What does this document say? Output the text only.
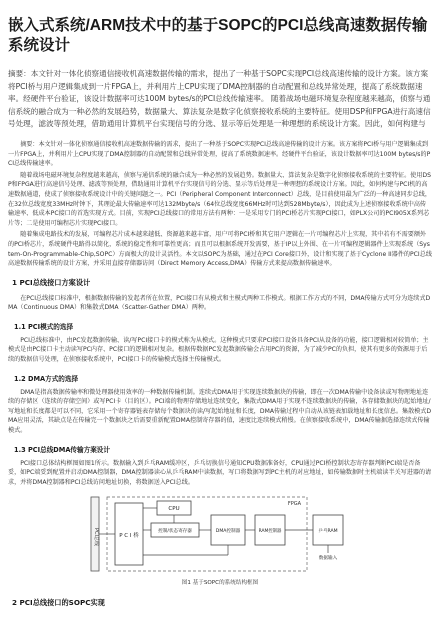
嵌入式系统/ARM技术中的基于SOPC的PCI总线高速数据传输系统设计
摘要：本文针对一体化侦察通信接收机高速数据传输的需求，提出了一种基于SOPC实现PCI总线高速传输的设计方案。该方案将PCI桥与用户逻辑集成到一片FPGA上，并利用片上CPU实现了DMA控制器的自动配置和总线异常处理，提高了系统数据速率。经硬件平台验证，该设计数据率可达100M bytes/s的PCI总线传输速率。 随着战场电磁环境复杂程度越来越高，侦察与通信系统的融合成为一种必然的发展趋势，数据量大、算法复杂是数字化侦察接收系统的主要特征。使用DSP和FPGA进行高速信号处理，滤波等预处理，借助通用计算机平台实现信号的分选、显示等后处理是一种理想的系统设计方案。因此，如何构建与

摘要：本文针对一体化侦察通信接收机高速数据传输的需求，提出了一种基于SOPC实现PCI总线高速传输的设计方案。该方案将PCI桥与用户逻辑集成到一片FPGA上，并利用片上CPU实现了DMA控制器的自动配置和总线异常处理，提高了系统数据速率。经硬件平台验证，该设计数据率可达100M bytes/s的PCI总线传输速率。

随着战场电磁环境复杂程度越来越高，侦察与通信系统的融合成为一种必然的发展趋势。数据量大、算法复杂是数字化侦察接收系统的主要特征。使用DSP和FPGA进行高速信号处理、滤波等预处理，借助通用计算机平台实现信号的分选、显示等后处理是一种理想的系统设计方案。因此，如何构建与PCI机的高速数据通道，使成了侦察接收系统设计中的关键问题之一。PCI（Peripheral Component Interconnect）总线，是目前使用最为广泛的一种高速同步总线，在32位总线宽度33MHz时钟下，其理论最大传输速率可达132Mbyte/s（64位总线宽度66MHz时可达到528Mbyte/s），因此成为上述侦察接收系统中高传输速率、低成本PC接口的首选实现方式。目前，实现PCI总线接口的常用方法有两种：一是采用专门的PCI桥芯片实现PCI接口，如PLX公司的PCI905X系列芯片等；二是使用可编程芯片实现PCI接口。

随着集成电路技术的发展，可编程芯片成本越来越低、资源越来越丰富，用户可将PCI桥和其它用户逻辑在一片可编程芯片上实现，其中若有不需要额外的PCI桥芯片，系统硬件电路得以简化，系统的稳定性和可靠性更高；而且可以根据系统开发需要，基于IP以上外围、在一片可编程逻辑器件上实现系统（System-On-Programmable-Chip,SOPC）方面极大的设计灵活性。本文以SOPC为基础，通过在PCI Core接口外，设计和实现了基于Cyclone II器件的PCI总线高速数据传输系统的设计方案，并采用直接存储器访问（Direct Memory Access,DMA）传输方式来提高数据传输速率。

1 PCI总线接口方案设计

在PCI总线接口标准中，根据数据传输的发起者所在位置，PCI接口有从模式和主模式两种工作模式。根据工作方式的不同，DMA传输方式可分为连续式DMA（Continuous DMA）和集散式DMA（Scatter-Gather DMA）两种。

1.1 PCI模式的选择

PCI总线标准中，由PC发起数据传输、读/写PCI接口卡的模式称为从模式。这种模式只要求PCI接口设备具备PCI从设备的功能，接口逻辑相对较简单；主模式是由PC接口卡主动读写PC内存、PC接口的逻辑相对复杂。根据传数据PC发起数据传输会占用PC的资源，为了减少PC的负担，使其有更多的资源用于后续的数据信号处理，在侦察接收系统中，PCI接口卡的传输模式选择主传输模式。

1.2 DMA方式的选择

DMA是指高数据传输率和微处理器使用效率的一种数据传输机制。连续式DMA用于实现连续数据块的传输，即在一次DMA传输中设备读或写物理地址连续的存储区（连续的存储空间）或写PCI卡（目的区）。PCI端的物理存储地址连续变化，集散式DMA用于实现不连续数据块的传输，各存储数据块的起始地址/写地址和长度都是可以不同，它采用一个寄存器链表存储每个数据块的读/写起始地址和长度，DMA传输过程中自动从该链表加载地址和长度信息。集散模式DMA应用灵活，其缺点是在传输完一个数据块之后需要重新配置DMA控制寄存器的值，速度比连续模式稍慢。在侦察接收系统中，DMA传输据选择连续式传输模式。

1.3 PCI总线DMA传输方案设计

PCI接口总体结构框图如图1所示。数据输入到乒乓RAM缓冲区，乒乓切换信号通知CPU数据准备好，CPU通过PCI桥控制状态寄存器判断PCI端是否备妥，如PC端妥到配置并启动DMA控制器，DMA控制器读心从乒乓RAM中读数据，写口将数据写到PC主机的对应地址，如传输数据时主机端读半关写进器的请求，并将DMA控制器和PCI总线访问地址切换，将数据送入PCI总线。

PCI总线
FPGA
P C I 桥
CPU
控制/状态寄存器	DMA控制器	RAM控制器	乒乓RAM
数据输入
图1 基于SOPC的系统结构框图
2 PCI总线接口的SOPC实现
